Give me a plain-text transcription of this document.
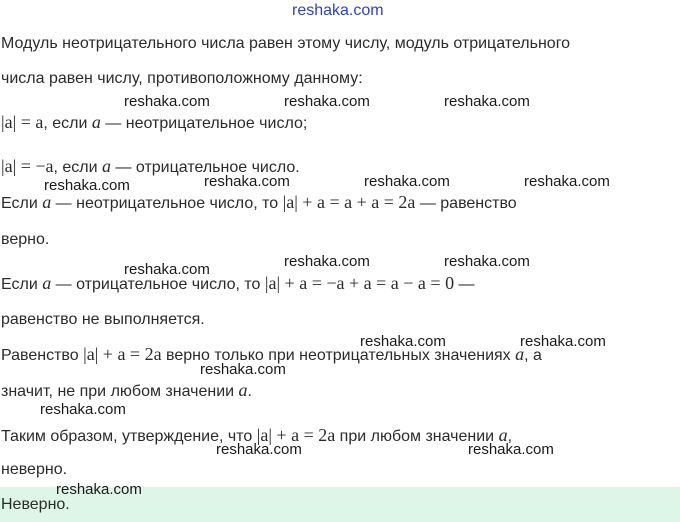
reshaka.com
Модуль неотрицательного числа равен этому числу, модуль отрицательного
числа равен числу, противоположному данному:
|a| = a, если a — неотрицательное число;
|a| = −a, если a — отрицательное число.
Если a — неотрицательное число, то |a| + a = a + a = 2a — равенство
верно.
Если a — отрицательное число, то |a| + a = −a + a = a − a = 0 —
равенство не выполняется.
Равенство |a| + a = 2a верно только при неотрицательных значениях a, а
значит, не при любом значении a.
Таким образом, утверждение, что |a| + a = 2a при любом значении a,
неверно.
Неверно.
reshaka.com	reshaka.com	reshaka.com
reshaka.com	reshaka.com	reshaka.com	reshaka.com
reshaka.com	reshaka.com	reshaka.com
reshaka.com	reshaka.com
reshaka.com
reshaka.com
reshaka.com	reshaka.com
reshaka.com
